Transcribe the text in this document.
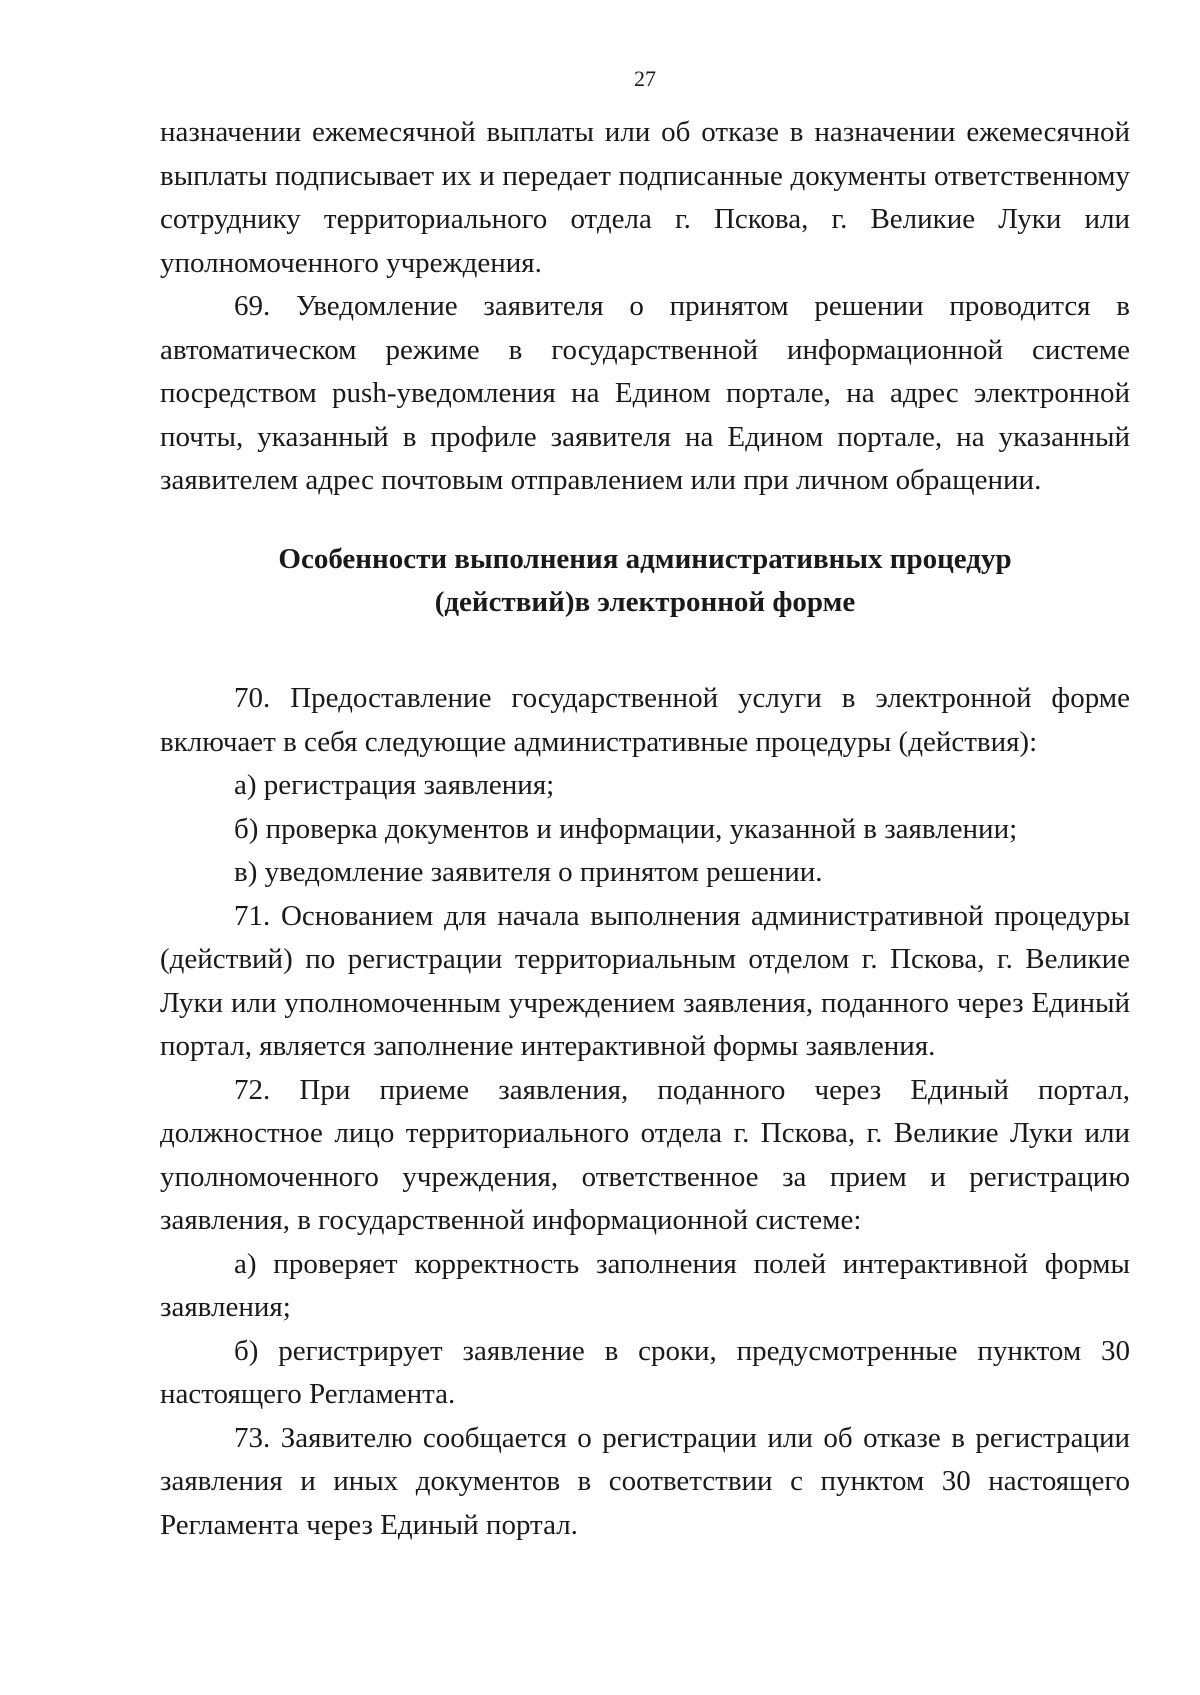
27

назначении ежемесячной выплаты или об отказе в назначении ежемесячной выплаты подписывает их и передает подписанные документы ответственному сотруднику территориального отдела г. Пскова, г. Великие Луки или уполномоченного учреждения.

69. Уведомление заявителя о принятом решении проводится в автоматическом режиме в государственной информационной системе посредством push-уведомления на Едином портале, на адрес электронной почты, указанный в профиле заявителя на Едином портале, на указанный заявителем адрес почтовым отправлением или при личном обращении.

Особенности выполнения административных процедур
(действий)в электронной форме

70. Предоставление государственной услуги в электронной форме включает в себя следующие административные процедуры (действия):

а) регистрация заявления;

б) проверка документов и информации, указанной в заявлении;

в) уведомление заявителя о принятом решении.

71. Основанием для начала выполнения административной процедуры (действий) по регистрации территориальным отделом г. Пскова, г. Великие Луки или уполномоченным учреждением заявления, поданного через Единый портал, является заполнение интерактивной формы заявления.

72. При приеме заявления, поданного через Единый портал, должностное лицо территориального отдела г. Пскова, г. Великие Луки или уполномоченного учреждения, ответственное за прием и регистрацию заявления, в государственной информационной системе:

а) проверяет корректность заполнения полей интерактивной формы заявления;

б) регистрирует заявление в сроки, предусмотренные пунктом 30 настоящего Регламента.

73. Заявителю сообщается о регистрации или об отказе в регистрации заявления и иных документов в соответствии с пунктом 30 настоящего Регламента через Единый портал.
